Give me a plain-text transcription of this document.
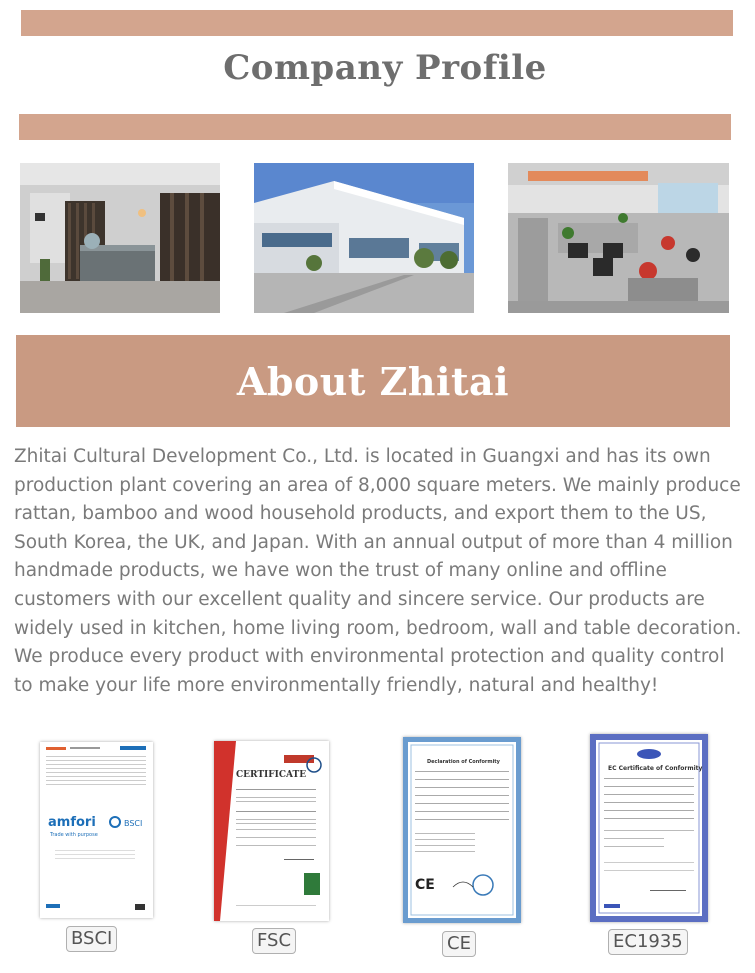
Company Profile
About Zhitai

Zhitai Cultural Development Co., Ltd. is located in Guangxi and has its own production plant covering an area of 8,000 square meters. We mainly produce rattan, bamboo and wood household products, and export them to the US, South Korea, the UK, and Japan. With an annual output of more than 4 million handmade products, we have won the trust of many online and offline customers with our excellent quality and sincere service. Our products are widely used in kitchen, home living room, bedroom, wall and table decoration. We produce every product with environmental protection and quality control to make your life more environmentally friendly, natural and healthy!

amfori	BSCI
Trade with purpose
CERTIFICATE
Declaration of Conformity
CE
EC Certificate of Conformity
BSCI	FSC	CE	EC1935
